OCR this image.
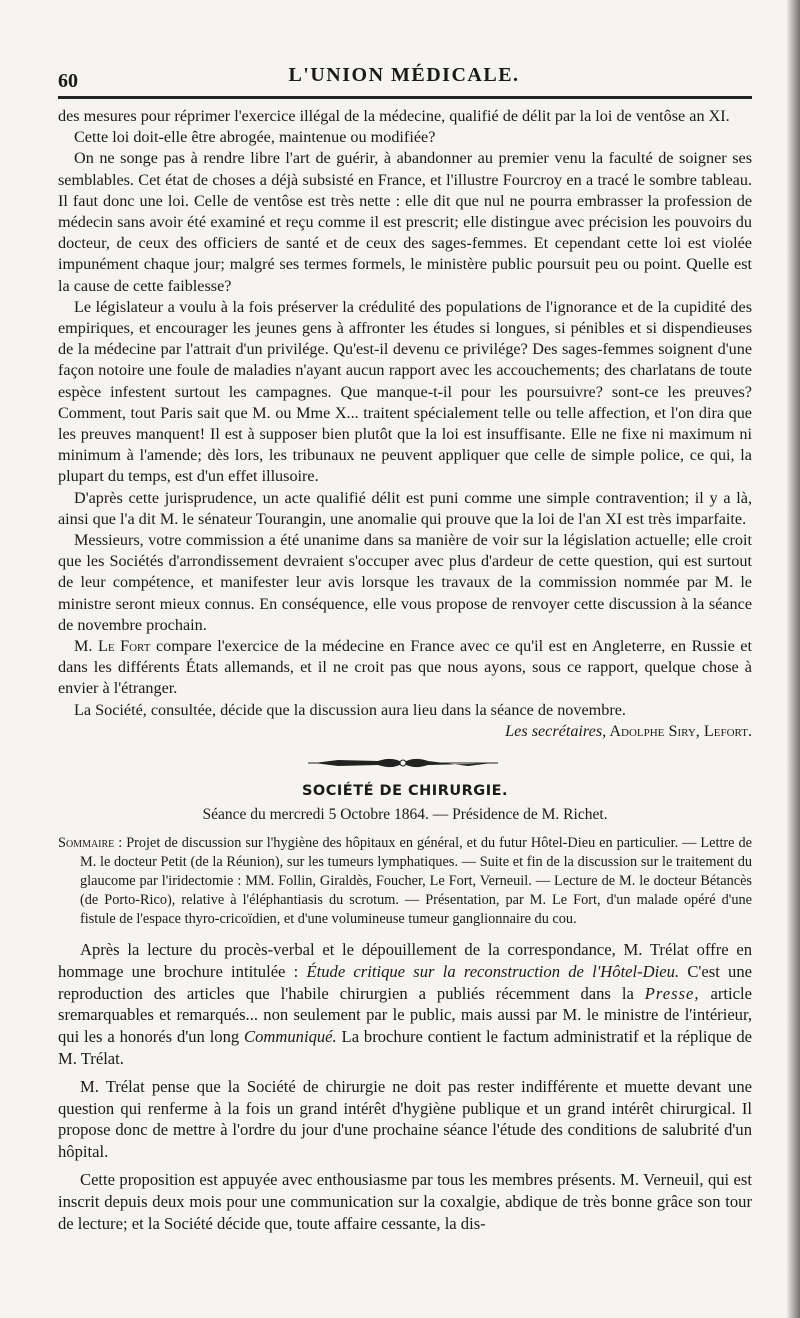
60	L'UNION MÉDICALE.

des mesures pour réprimer l'exercice illégal de la médecine, qualifié de délit par la loi de ventôse an XI.

Cette loi doit-elle être abrogée, maintenue ou modifiée?

On ne songe pas à rendre libre l'art de guérir, à abandonner au premier venu la faculté de soigner ses semblables. Cet état de choses a déjà subsisté en France, et l'illustre Fourcroy en a tracé le sombre tableau. Il faut donc une loi. Celle de ventôse est très nette : elle dit que nul ne pourra embrasser la profession de médecin sans avoir été examiné et reçu comme il est prescrit; elle distingue avec précision les pouvoirs du docteur, de ceux des officiers de santé et de ceux des sages-femmes. Et cependant cette loi est violée impunément chaque jour; malgré ses termes formels, le ministère public poursuit peu ou point. Quelle est la cause de cette faiblesse?

Le législateur a voulu à la fois préserver la crédulité des populations de l'ignorance et de la cupidité des empiriques, et encourager les jeunes gens à affronter les études si longues, si pénibles et si dispendieuses de la médecine par l'attrait d'un privilége. Qu'est-il devenu ce privilége? Des sages-femmes soignent d'une façon notoire une foule de maladies n'ayant aucun rapport avec les accouchements; des charlatans de toute espèce infestent surtout les campagnes. Que manque-t-il pour les poursuivre? sont-ce les preuves? Comment, tout Paris sait que M. ou Mme X... traitent spécialement telle ou telle affection, et l'on dira que les preuves manquent! Il est à supposer bien plutôt que la loi est insuffisante. Elle ne fixe ni maximum ni minimum à l'amende; dès lors, les tribunaux ne peuvent appliquer que celle de simple police, ce qui, la plupart du temps, est d'un effet illusoire.

D'après cette jurisprudence, un acte qualifié délit est puni comme une simple contravention; il y a là, ainsi que l'a dit M. le sénateur Tourangin, une anomalie qui prouve que la loi de l'an XI est très imparfaite.

Messieurs, votre commission a été unanime dans sa manière de voir sur la législation actuelle; elle croit que les Sociétés d'arrondissement devraient s'occuper avec plus d'ardeur de cette question, qui est surtout de leur compétence, et manifester leur avis lorsque les travaux de la commission nommée par M. le ministre seront mieux connus. En conséquence, elle vous propose de renvoyer cette discussion à la séance de novembre prochain.

M. Le Fort compare l'exercice de la médecine en France avec ce qu'il est en Angleterre, en Russie et dans les différents États allemands, et il ne croit pas que nous ayons, sous ce rapport, quelque chose à envier à l'étranger.

La Société, consultée, décide que la discussion aura lieu dans la séance de novembre.

Les secrétaires, Adolphe Siry, Lefort.

SOCIÉTÉ DE CHIRURGIE.

Séance du mercredi 5 Octobre 1864. — Présidence de M. Richet.

Sommaire : Projet de discussion sur l'hygiène des hôpitaux en général, et du futur Hôtel-Dieu en particulier. — Lettre de M. le docteur Petit (de la Réunion), sur les tumeurs lymphatiques. — Suite et fin de la discussion sur le traitement du glaucome par l'iridectomie : MM. Follin, Giraldès, Foucher, Le Fort, Verneuil. — Lecture de M. le docteur Bétancès (de Porto-Rico), relative à l'éléphantiasis du scrotum. — Présentation, par M. Le Fort, d'un malade opéré d'une fistule de l'espace thyro-cricoïdien, et d'une volumineuse tumeur ganglionnaire du cou.

Après la lecture du procès-verbal et le dépouillement de la correspondance, M. Trélat offre en hommage une brochure intitulée : Étude critique sur la reconstruction de l'Hôtel-Dieu. C'est une reproduction des articles que l'habile chirurgien a publiés récemment dans la Presse, article sremarquables et remarqués... non seulement par le public, mais aussi par M. le ministre de l'intérieur, qui les a honorés d'un long Communiqué. La brochure contient le factum administratif et la réplique de M. Trélat.

M. Trélat pense que la Société de chirurgie ne doit pas rester indifférente et muette devant une question qui renferme à la fois un grand intérêt d'hygiène publique et un grand intérêt chirurgical. Il propose donc de mettre à l'ordre du jour d'une prochaine séance l'étude des conditions de salubrité d'un hôpital.

Cette proposition est appuyée avec enthousiasme par tous les membres présents. M. Verneuil, qui est inscrit depuis deux mois pour une communication sur la coxalgie, abdique de très bonne grâce son tour de lecture; et la Société décide que, toute affaire cessante, la dis-
